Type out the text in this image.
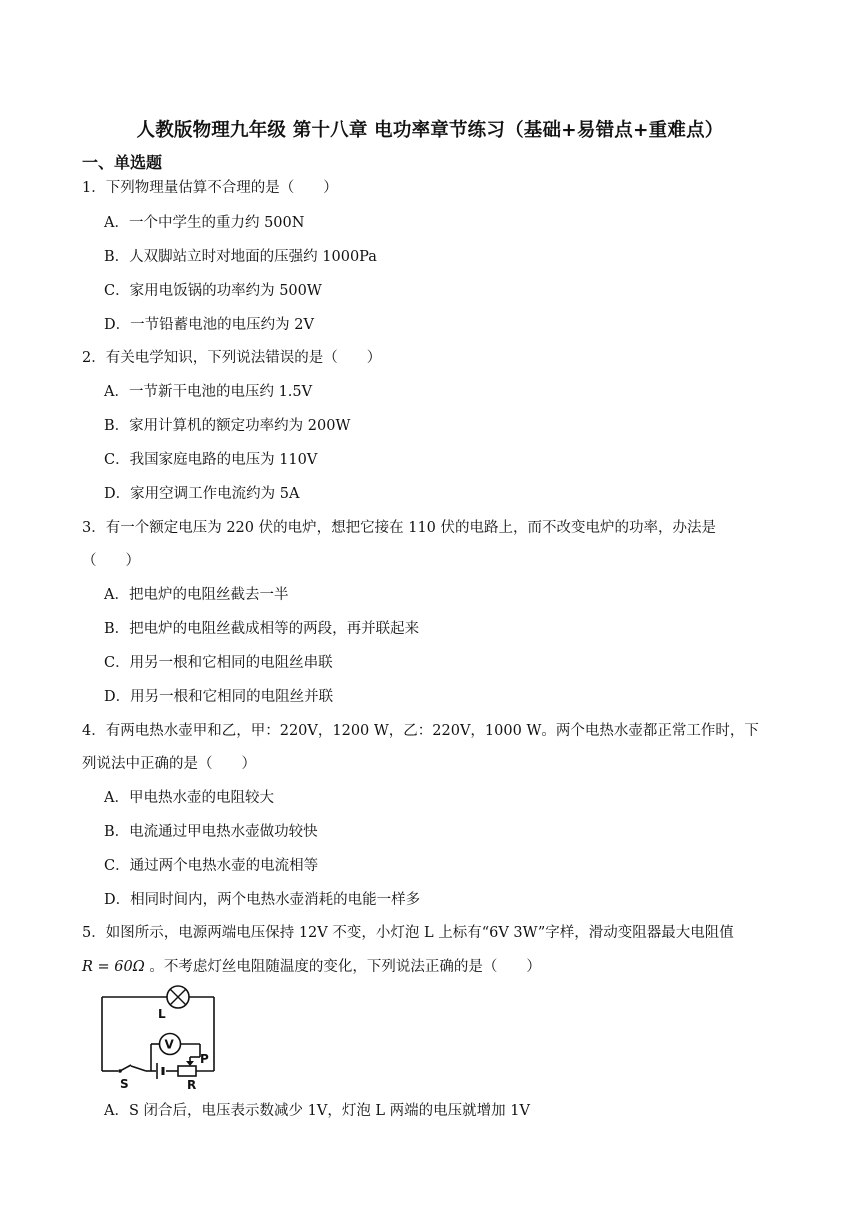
人教版物理九年级 第十八章 电功率章节练习（基础+易错点+重难点）
一、单选题
1．下列物理量估算不合理的是（　　）
A．一个中学生的重力约 500N
B．人双脚站立时对地面的压强约 1000Pa
C．家用电饭锅的功率约为 500W
D．一节铅蓄电池的电压约为 2V
2．有关电学知识，下列说法错误的是（　　）
A．一节新干电池的电压约 1.5V
B．家用计算机的额定功率约为 200W
C．我国家庭电路的电压为 110V
D．家用空调工作电流约为 5A
3．有一个额定电压为 220 伏的电炉，想把它接在 110 伏的电路上，而不改变电炉的功率，办法是
（　　）
A．把电炉的电阻丝截去一半
B．把电炉的电阻丝截成相等的两段，再并联起来
C．用另一根和它相同的电阻丝串联
D．用另一根和它相同的电阻丝并联
4．有两电热水壶甲和乙，甲：220V，1200 W，乙：220V，1000 W。两个电热水壶都正常工作时，下
列说法中正确的是（　　）
A．甲电热水壶的电阻较大
B．电流通过甲电热水壶做功较快
C．通过两个电热水壶的电流相等
D．相同时间内，两个电热水壶消耗的电能一样多
5．如图所示，电源两端电压保持 12V 不变，小灯泡 L 上标有“6V 3W”字样，滑动变阻器最大电阻值
R = 60Ω 。不考虑灯丝电阻随温度的变化，下列说法正确的是（　　）
L
V
S
P
R
A．S 闭合后，电压表示数减少 1V，灯泡 L 两端的电压就增加 1V
